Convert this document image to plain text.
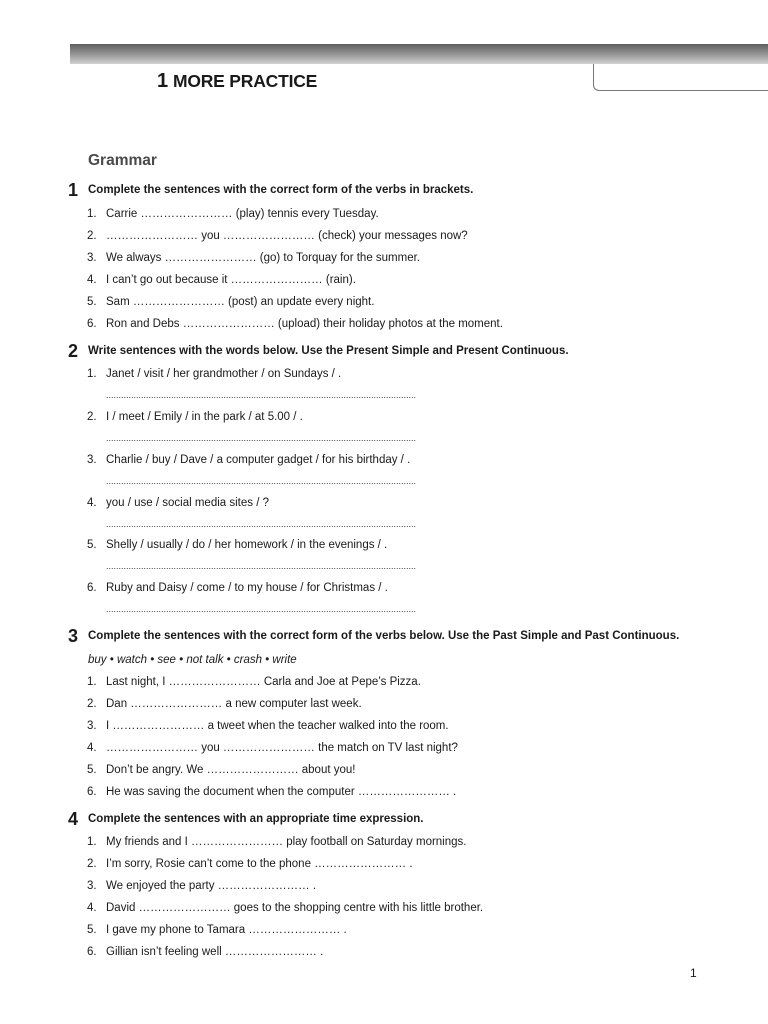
1 MORE PRACTICE
Grammar
1 Complete the sentences with the correct form of the verbs in brackets.
1. Carrie …………………… (play) tennis every Tuesday.
2. …………………… you …………………… (check) your messages now?
3. We always …………………… (go) to Torquay for the summer.
4. I can’t go out because it …………………… (rain).
5. Sam …………………… (post) an update every night.
6. Ron and Debs …………………… (upload) their holiday photos at the moment.
2 Write sentences with the words below. Use the Present Simple and Present Continuous.
1. Janet / visit / her grandmother / on Sundays / .
............................................................................................................................
2. I / meet / Emily / in the park / at 5.00 / .
............................................................................................................................
3. Charlie / buy / Dave / a computer gadget / for his birthday / .
............................................................................................................................
4. you / use / social media sites / ?
............................................................................................................................
5. Shelly / usually / do / her homework / in the evenings / .
............................................................................................................................
6. Ruby and Daisy / come / to my house / for Christmas / .
............................................................................................................................
3 Complete the sentences with the correct form of the verbs below. Use the Past Simple and Past Continuous.
buy • watch • see • not talk • crash • write
1. Last night, I …………………… Carla and Joe at Pepe’s Pizza.
2. Dan …………………… a new computer last week.
3. I …………………… a tweet when the teacher walked into the room.
4. …………………… you …………………… the match on TV last night?
5. Don’t be angry. We …………………… about you!
6. He was saving the document when the computer …………………… .
4 Complete the sentences with an appropriate time expression.
1. My friends and I …………………… play football on Saturday mornings.
2. I’m sorry, Rosie can’t come to the phone …………………… .
3. We enjoyed the party …………………… .
4. David …………………… goes to the shopping centre with his little brother.
5. I gave my phone to Tamara …………………… .
6. Gillian isn’t feeling well …………………… .
1
